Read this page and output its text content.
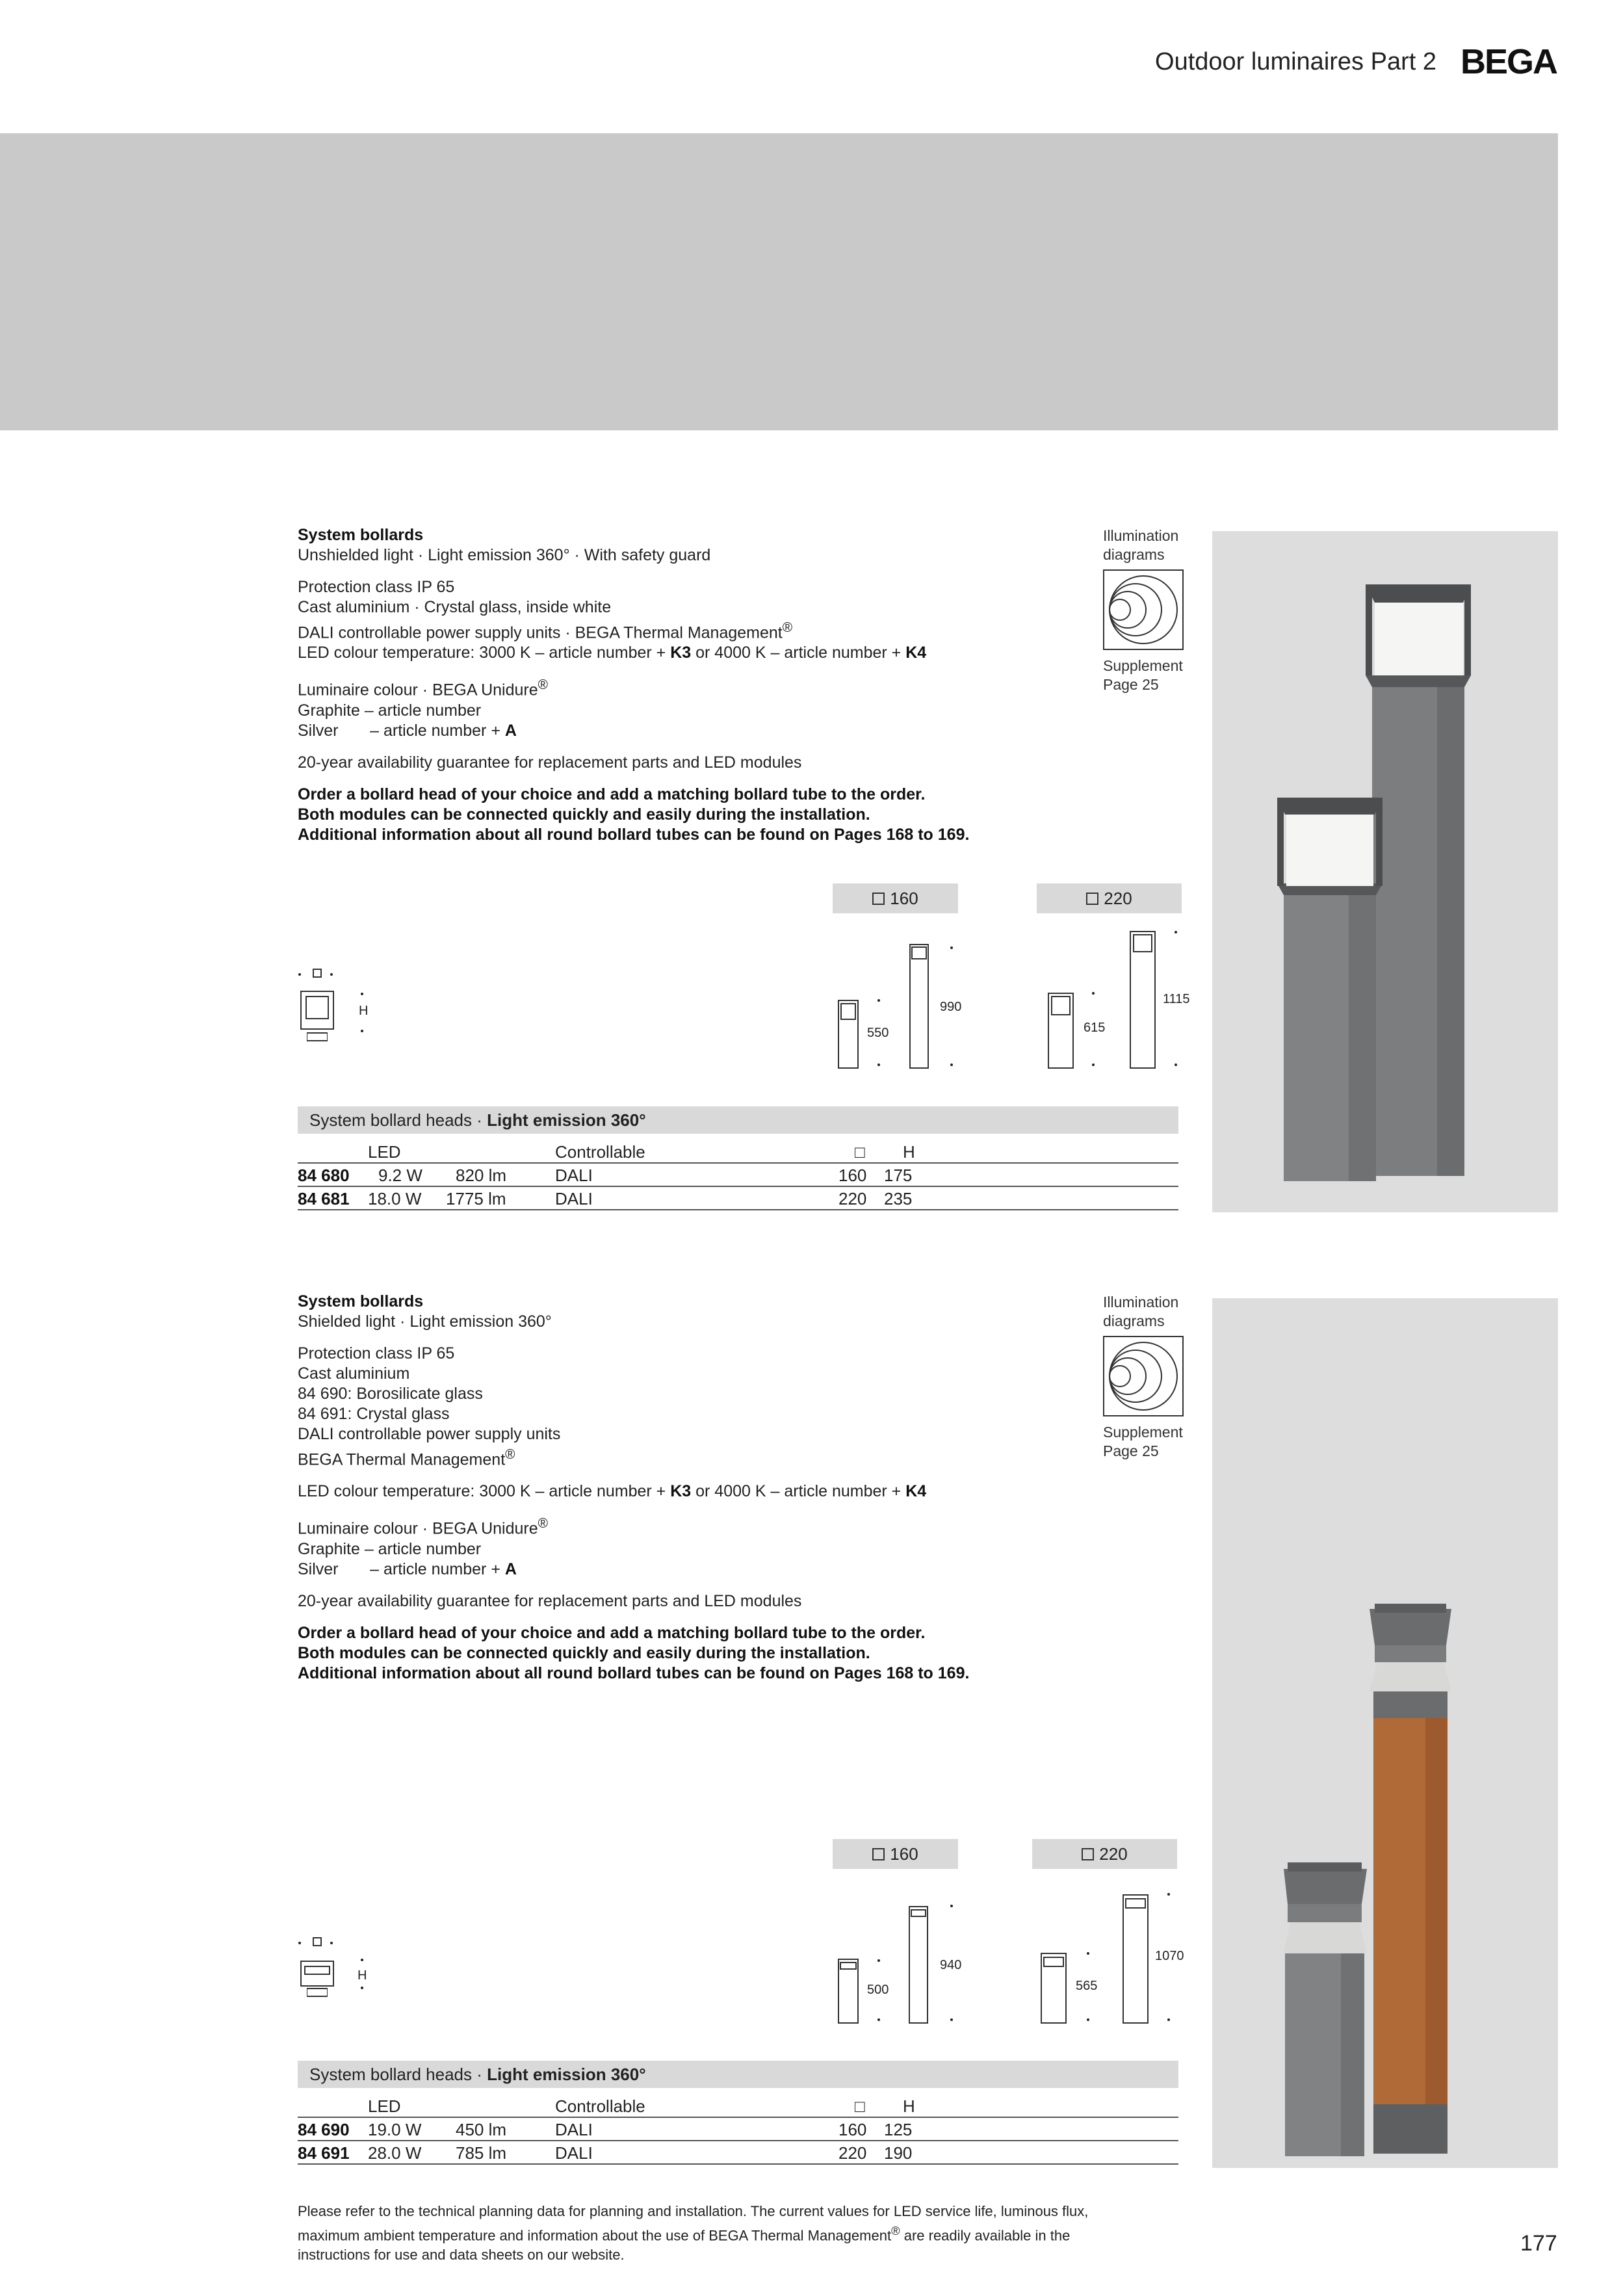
Outdoor luminaires Part 2 BEGA
System bollards
Unshielded light · Light emission 360° · With safety guard
Protection class IP 65
Cast aluminium · Crystal glass, inside white
DALI controllable power supply units · BEGA Thermal Management®
LED colour temperature: 3000 K – article number + K3 or 4000 K – article number + K4
Luminaire colour · BEGA Unidure®
Graphite – article number
Silver       – article number + A
20-year availability guarantee for replacement parts and LED modules
Order a bollard head of your choice and add a matching bollard tube to the order.
Both modules can be connected quickly and easily during the installation.
Additional information about all round bollard tubes can be found on Pages 168 to 169.
Illumination
diagrams
Supplement
Page 25
160	220
H
550
990
615
1115
System bollard heads · Light emission 360°
LED	Controllable	□ H
84 680 9.2 W 820 lm	DALI	160 175
84 681 18.0 W 1775 lm	DALI	220 235
System bollards
Shielded light · Light emission 360°
Protection class IP 65
Cast aluminium
84 690: Borosilicate glass
84 691: Crystal glass
DALI controllable power supply units
BEGA Thermal Management®
LED colour temperature: 3000 K – article number + K3 or 4000 K – article number + K4
Luminaire colour · BEGA Unidure®
Graphite – article number
Silver       – article number + A
20-year availability guarantee for replacement parts and LED modules
Order a bollard head of your choice and add a matching bollard tube to the order.
Both modules can be connected quickly and easily during the installation.
Additional information about all round bollard tubes can be found on Pages 168 to 169.
Illumination
diagrams
Supplement
Page 25
160	220
H
500
940
565
1070
System bollard heads · Light emission 360°
LED	Controllable	□ H
84 690 19.0 W 450 lm	DALI	160 125
84 691 28.0 W 785 lm	DALI	220 190
Please refer to the technical planning data for planning and installation. The current values for LED service life, luminous flux,
maximum ambient temperature and information about the use of BEGA Thermal Management® are readily available in the
instructions for use and data sheets on our website.	177
